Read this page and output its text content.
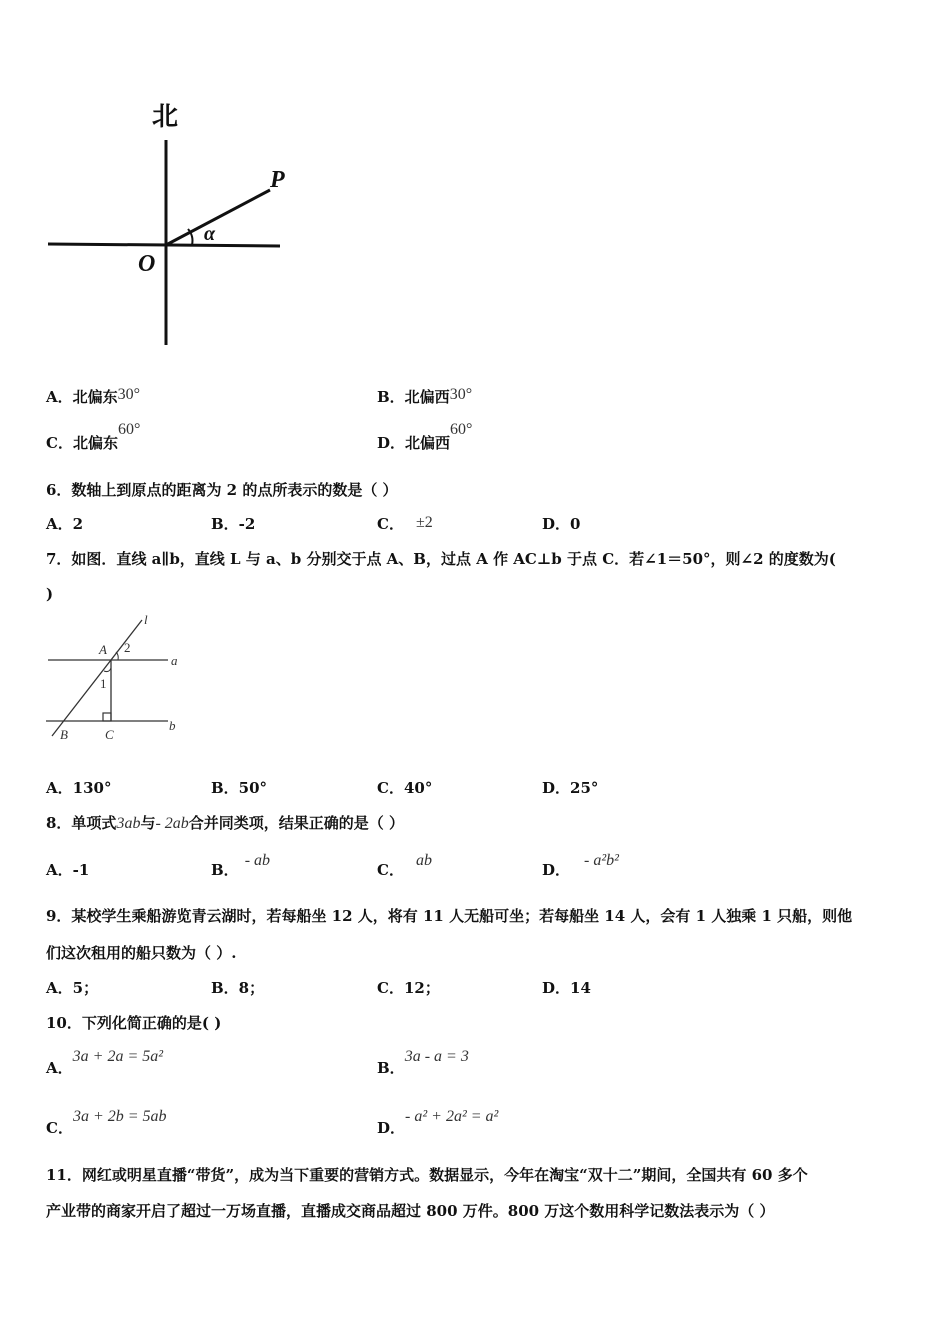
北
P
α
O
A．北偏东30°	B．北偏西30°
C．北偏东60°
D．北偏西60°
6．数轴上到原点的距离为 2 的点所表示的数是（ ）
A．2	B．-2	C． ±2	D．0
7．如图．直线 a∥b，直线 L 与 a、b 分别交于点 A、B，过点 A 作 AC⊥b 于点 C．若∠1＝50°，则∠2 的度数为(
)
l
a
b
A 2
1
B	C
A．130°	B．50°	C．40°	D．25°
8．单项式3ab与- 2ab合并同类项，结果正确的是（ ）
A．-1	B．- ab
C．ab
D．- a²b²
9．某校学生乘船游览青云湖时，若每船坐 12 人，将有 11 人无船可坐；若每船坐 14 人，会有 1 人独乘 1 只船，则他
们这次租用的船只数为（ ）.
A．5；	B．8；	C．12；	D．14
10．下列化简正确的是( )
A．3a + 2a = 5a²
B．3a - a = 3
C．3a + 2b = 5ab
D．- a² + 2a² = a²
11．网红或明星直播“带货”，成为当下重要的营销方式。数据显示，今年在淘宝“双十二”期间，全国共有 60 多个
产业带的商家开启了超过一万场直播，直播成交商品超过 800 万件。800 万这个数用科学记数法表示为（ ）
